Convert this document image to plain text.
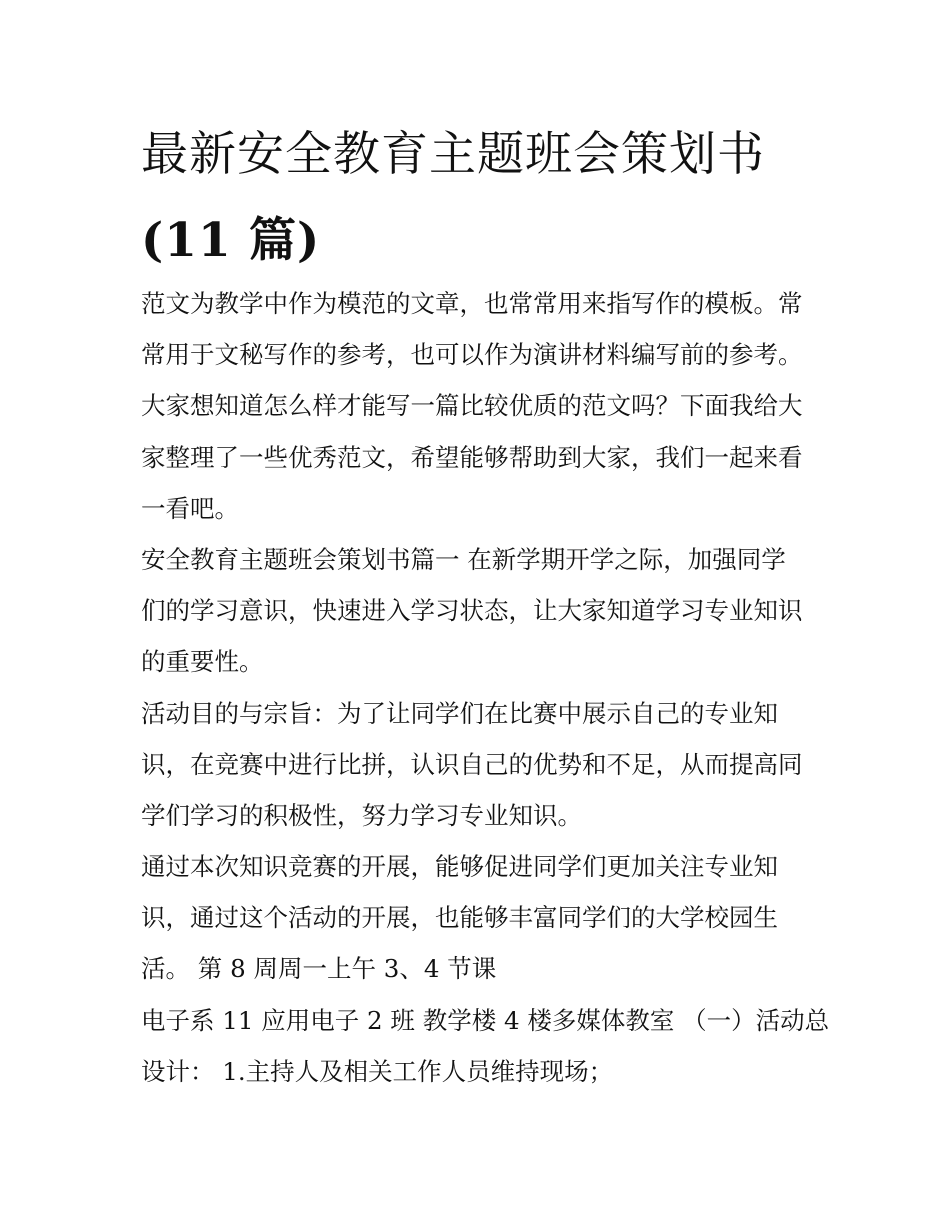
最新安全教育主题班会策划书
(11 篇)
范文为教学中作为模范的文章，也常常用来指写作的模板。常
常用于文秘写作的参考，也可以作为演讲材料编写前的参考。
大家想知道怎么样才能写一篇比较优质的范文吗？下面我给大
家整理了一些优秀范文，希望能够帮助到大家，我们一起来看
一看吧。
安全教育主题班会策划书篇一 在新学期开学之际，加强同学
们的学习意识，快速进入学习状态，让大家知道学习专业知识
的重要性。
活动目的与宗旨：为了让同学们在比赛中展示自己的专业知
识，在竞赛中进行比拼，认识自己的优势和不足，从而提高同
学们学习的积极性，努力学习专业知识。
通过本次知识竞赛的开展，能够促进同学们更加关注专业知
识，通过这个活动的开展，也能够丰富同学们的大学校园生
活。 第 8 周周一上午 3、4 节课
电子系 11 应用电子 2 班 教学楼 4 楼多媒体教室 （一）活动总
设计： 1.主持人及相关工作人员维持现场；
